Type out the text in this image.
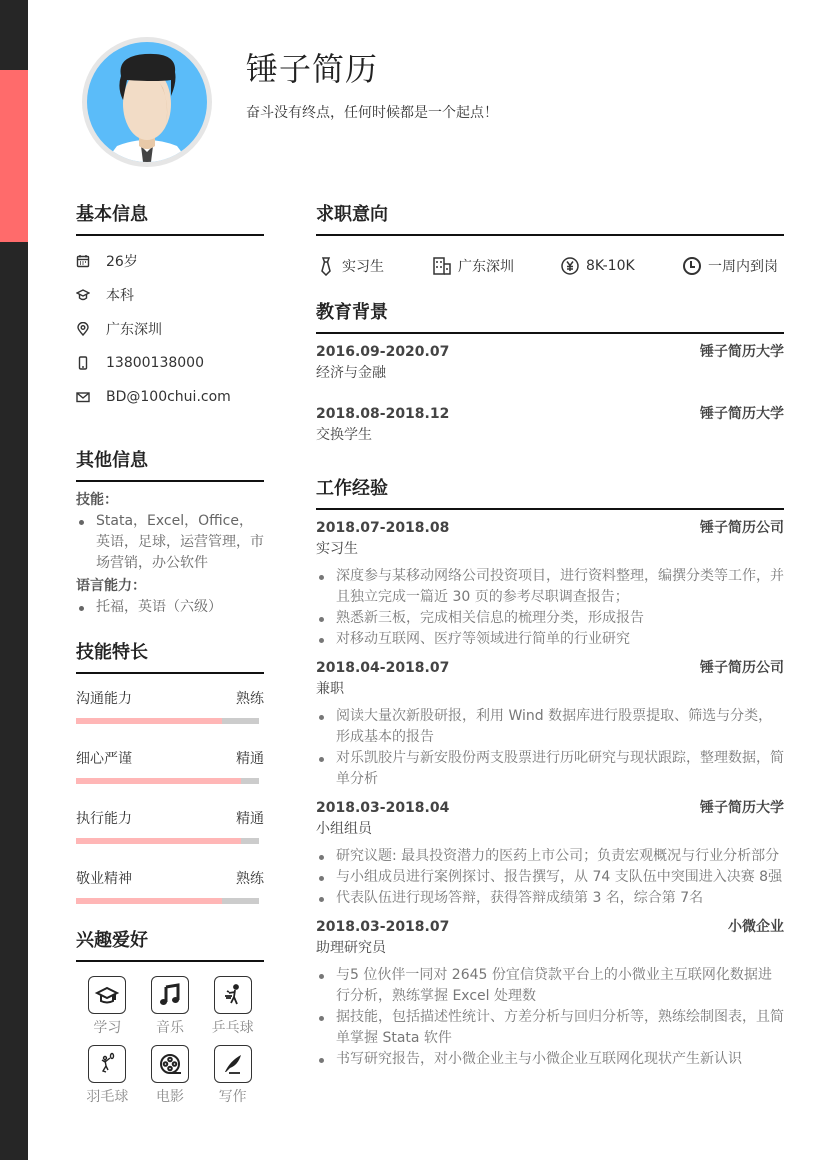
锤子简历
奋斗没有终点，任何时候都是一个起点！
基本信息
26岁
本科
广东深圳
13800138000
BD@100chui.com
其他信息
技能：
Stata，Excel，Office，英语，足球，运营管理，市场营销，办公软件
语言能力：
托福，英语（六级）
技能特长
沟通能力	熟练
细心严谨	精通
执行能力	精通
敬业精神	熟练
兴趣爱好
学习 音乐 乒乓球
羽毛球 电影 写作
求职意向
实习生	广东深圳	8K-10K	一周内到岗
教育背景
2016.09-2020.07	锤子简历大学
经济与金融
2018.08-2018.12	锤子简历大学
交换学生
工作经验
2018.07-2018.08	锤子简历公司
实习生
深度参与某移动网络公司投资项目，进行资料整理，编撰分类等工作，并且独立完成一篇近 30 页的参考尽职调查报告；
熟悉新三板，完成相关信息的梳理分类，形成报告
对移动互联网、医疗等领域进行简单的行业研究
2018.04-2018.07	锤子简历公司
兼职
阅读大量次新股研报，利用 Wind 数据库进行股票提取、筛选与分类，形成基本的报告
对乐凯胶片与新安股份两支股票进行历叱研究与现状跟踪，整理数据，简单分析
2018.03-2018.04	锤子简历大学
小组组员
研究议题: 最具投资潜力的医药上市公司；负责宏观概况与行业分析部分
与小组成员进行案例探讨、报告撰写，从 74 支队伍中突围进入决赛 8强
代表队伍进行现场答辩，获得答辩成绩第 3 名，综合第 7名
2018.03-2018.07	小微企业
助理研究员
与5 位伙伴一同对 2645 份宜信贷款平台上的小微业主互联网化数据进行分析，熟练掌握 Excel 处理数
据技能，包括描述性统计、方差分析与回归分析等，熟练绘制图表，且简单掌握 Stata 软件
书写研究报告，对小微企业主与小微企业互联网化现状产生新认识
